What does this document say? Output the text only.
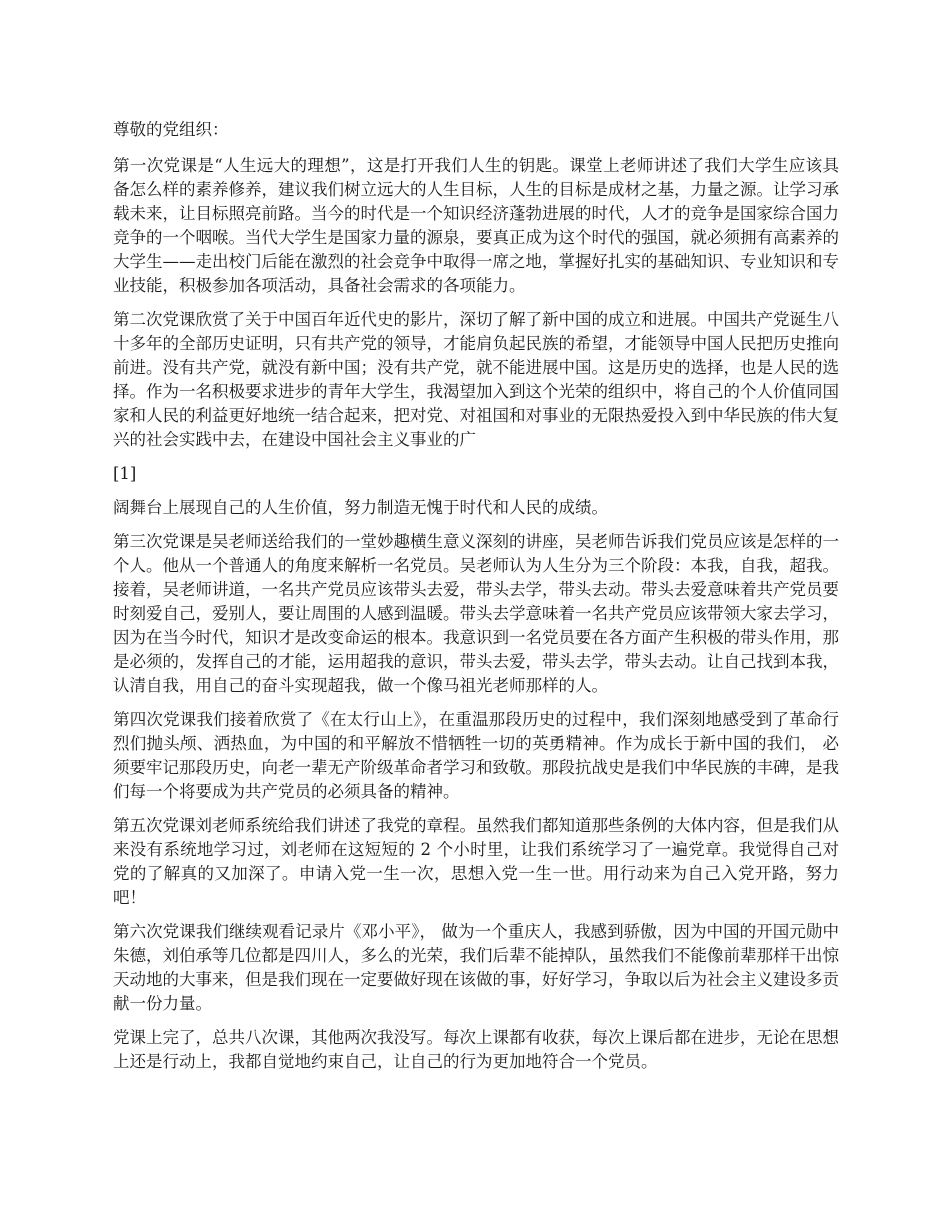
尊敬的党组织：

第一次党课是“人生远大的理想”，这是打开我们人生的钥匙。课堂上老师讲述了我们大学生应该具备怎么样的素养修养，建议我们树立远大的人生目标，人生的目标是成材之基，力量之源。让学习承载未来，让目标照亮前路。当今的时代是一个知识经济蓬勃进展的时代，人才的竞争是国家综合国力竞争的一个咽喉。当代大学生是国家力量的源泉，要真正成为这个时代的强国，就必须拥有高素养的大学生——走出校门后能在激烈的社会竞争中取得一席之地，掌握好扎实的基础知识、专业知识和专业技能，积极参加各项活动，具备社会需求的各项能力。

第二次党课欣赏了关于中国百年近代史的影片，深切了解了新中国的成立和进展。中国共产党诞生八十多年的全部历史证明，只有共产党的领导，才能肩负起民族的希望，才能领导中国人民把历史推向前进。没有共产党，就没有新中国；没有共产党，就不能进展中国。这是历史的选择，也是人民的选择。作为一名积极要求进步的青年大学生，我渴望加入到这个光荣的组织中，将自己的个人价值同国家和人民的利益更好地统一结合起来，把对党、对祖国和对事业的无限热爱投入到中华民族的伟大复兴的社会实践中去，在建设中国社会主义事业的广

[1]

阔舞台上展现自己的人生价值，努力制造无愧于时代和人民的成绩。

第三次党课是吴老师送给我们的一堂妙趣横生意义深刻的讲座，吴老师告诉我们党员应该是怎样的一个人。他从一个普通人的角度来解析一名党员。吴老师认为人生分为三个阶段：本我，自我，超我。接着，吴老师讲道，一名共产党员应该带头去爱，带头去学，带头去动。带头去爱意味着共产党员要时刻爱自己，爱别人，要让周围的人感到温暖。带头去学意味着一名共产党员应该带领大家去学习，因为在当今时代，知识才是改变命运的根本。我意识到一名党员要在各方面产生积极的带头作用，那是必须的，发挥自己的才能，运用超我的意识，带头去爱，带头去学，带头去动。让自己找到本我，认清自我，用自己的奋斗实现超我，做一个像马祖光老师那样的人。

第四次党课我们接着欣赏了《在太行山上》，在重温那段历史的过程中，我们深刻地感受到了革命行烈们抛头颅、洒热血，为中国的和平解放不惜牺牲一切的英勇精神。作为成长于新中国的我们， 必须要牢记那段历史，向老一辈无产阶级革命者学习和致敬。那段抗战史是我们中华民族的丰碑，是我们每一个将要成为共产党员的必须具备的精神。

第五次党课刘老师系统给我们讲述了我党的章程。虽然我们都知道那些条例的大体内容，但是我们从来没有系统地学习过，刘老师在这短短的 2 个小时里，让我们系统学习了一遍党章。我觉得自己对党的了解真的又加深了。申请入党一生一次，思想入党一生一世。用行动来为自己入党开路，努力吧！

第六次党课我们继续观看记录片《邓小平》， 做为一个重庆人，我感到骄傲，因为中国的开国元勋中朱德，刘伯承等几位都是四川人，多么的光荣，我们后辈不能掉队，虽然我们不能像前辈那样干出惊天动地的大事来，但是我们现在一定要做好现在该做的事，好好学习，争取以后为社会主义建设多贡献一份力量。

党课上完了，总共八次课，其他两次我没写。每次上课都有收获，每次上课后都在进步，无论在思想上还是行动上，我都自觉地约束自己，让自己的行为更加地符合一个党员。
